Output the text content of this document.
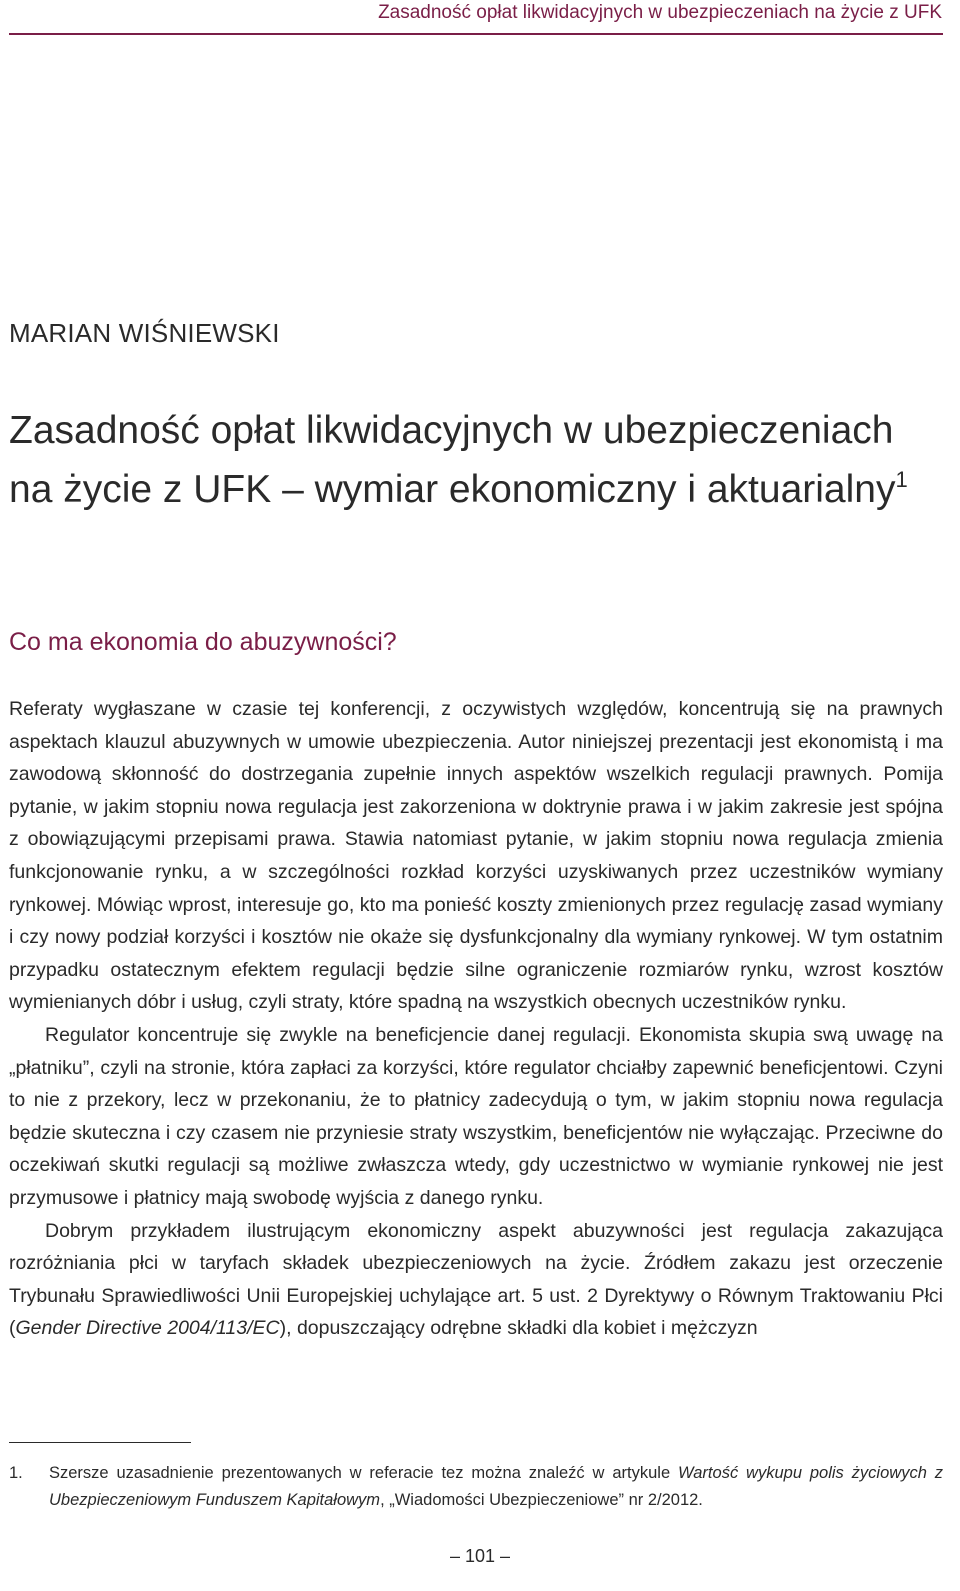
Zasadność opłat likwidacyjnych w ubezpieczeniach na życie z UFK
MARIAN WIŚNIEWSKI
Zasadność opłat likwidacyjnych w ubezpieczeniach
na życie z UFK – wymiar ekonomiczny i aktuarialny$^1$
Co ma ekonomia do abuzywności?

Referaty wygłaszane w czasie tej konferencji, z oczywistych względów, koncentrują się na prawnych aspektach klauzul abuzywnych w umowie ubezpieczenia. Autor niniejszej prezentacji jest ekonomistą i ma zawodową skłonność do dostrzegania zupełnie innych aspektów wszelkich regulacji prawnych. Pomija pytanie, w jakim stopniu nowa regulacja jest zakorzeniona w doktrynie prawa i w jakim zakresie jest spójna z obowiązującymi przepisami prawa. Stawia natomiast pytanie, w jakim stopniu nowa regulacja zmienia funkcjonowanie rynku, a w szczególności rozkład korzyści uzyskiwanych przez uczestników wymiany rynkowej. Mówiąc wprost, interesuje go, kto ma ponieść koszty zmienionych przez regulację zasad wymiany i czy nowy podział korzyści i kosztów nie okaże się dysfunkcjonalny dla wymiany rynkowej. W tym ostatnim przypadku ostatecznym efektem regulacji będzie silne ograniczenie rozmiarów rynku, wzrost kosztów wymienianych dóbr i usług, czyli straty, które spadną na wszystkich obecnych uczestników rynku.

Regulator koncentruje się zwykle na beneficjencie danej regulacji. Ekonomista skupia swą uwagę na „płatniku”, czyli na stronie, która zapłaci za korzyści, które regulator chciałby zapewnić beneficjentowi. Czyni to nie z przekory, lecz w przekonaniu, że to płatnicy zadecydują o tym, w jakim stopniu nowa regulacja będzie skuteczna i czy czasem nie przyniesie straty wszystkim, beneficjentów nie wyłączając. Przeciwne do oczekiwań skutki regulacji są możliwe zwłaszcza wtedy, gdy uczestnictwo w wymianie rynkowej nie jest przymusowe i płatnicy mają swobodę wyjścia z danego rynku.

Dobrym przykładem ilustrującym ekonomiczny aspekt abuzywności jest regulacja zakazująca rozróżniania płci w taryfach składek ubezpieczeniowych na życie. Źródłem zakazu jest orzeczenie Trybunału Sprawiedliwości Unii Europejskiej uchylające art. 5 ust. 2 Dyrektywy o Równym Traktowaniu Płci (Gender Directive 2004/113/EC), dopuszczający odrębne składki dla kobiet i mężczyzn

1. Szersze uzasadnienie prezentowanych w referacie tez można znaleźć w artykule Wartość wykupu polis życiowych z Ubezpieczeniowym Funduszem Kapitałowym, „Wiadomości Ubezpieczeniowe” nr 2/2012.
– 101 –
